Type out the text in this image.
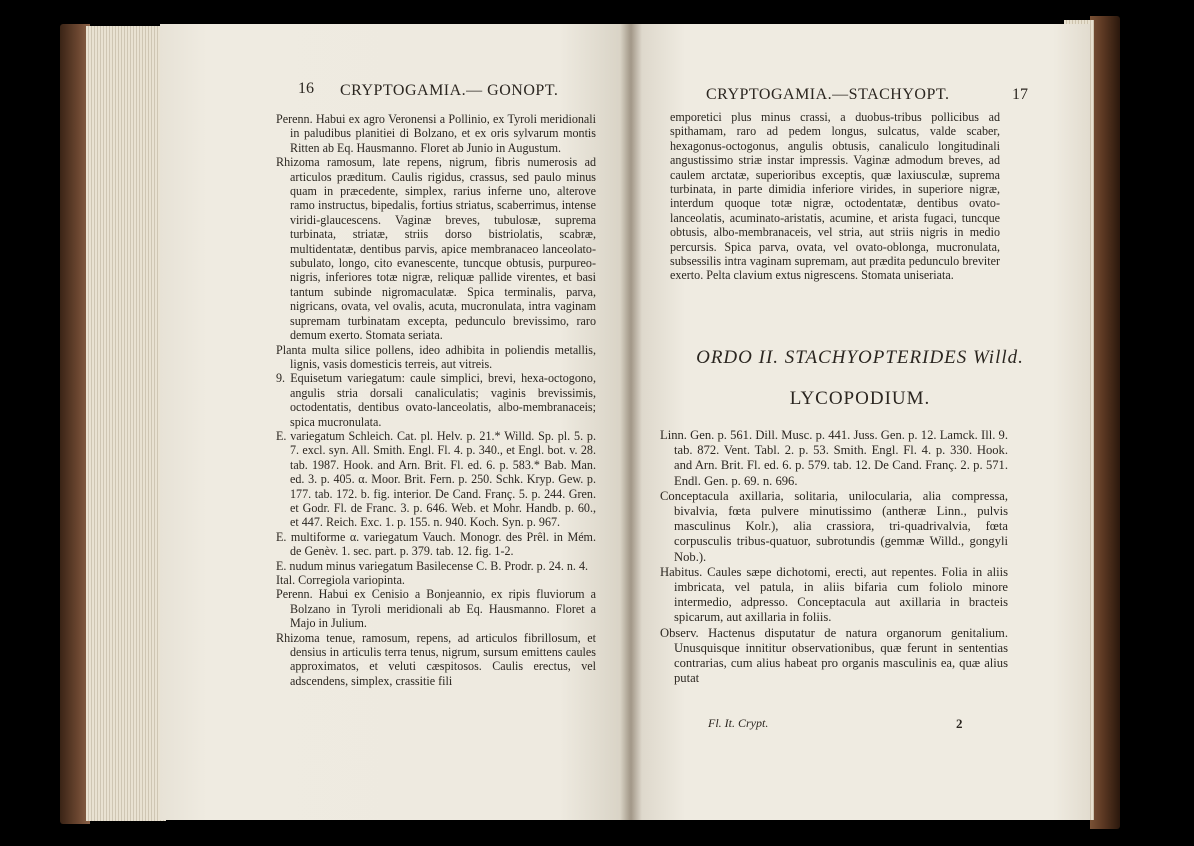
16 CRYPTOGAMIA.— GONOPT.

Perenn. Habui ex agro Veronensi a Pollinio, ex Tyroli meridionali in paludibus planitiei di Bolzano, et ex oris sylvarum montis Ritten ab Eq. Hausmanno. Floret ab Junio in Augustum.

Rhizoma ramosum, late repens, nigrum, fibris numerosis ad articulos præditum. Caulis rigidus, crassus, sed paulo minus quam in præcedente, simplex, rarius inferne uno, alterove ramo instructus, bipedalis, fortius striatus, scaberrimus, intense viridi-glaucescens. Vaginæ breves, tubulosæ, suprema turbinata, striatæ, striis dorso bistriolatis, scabræ, multidentatæ, dentibus parvis, apice membranaceo lanceolato-subulato, longo, cito evanescente, tuncque obtusis, purpureo-nigris, inferiores totæ nigræ, reliquæ pallide virentes, et basi tantum subinde nigromaculatæ. Spica terminalis, parva, nigricans, ovata, vel ovalis, acuta, mucronulata, intra vaginam supremam turbinatam excepta, pedunculo brevissimo, raro demum exerto. Stomata seriata.

Planta multa silice pollens, ideo adhibita in poliendis metallis, lignis, vasis domesticis terreis, aut vitreis.

9. Equisetum variegatum: caule simplici, brevi, hexa-octogono, angulis stria dorsali canaliculatis; vaginis brevissimis, octodentatis, dentibus ovato-lanceolatis, albo-membranaceis; spica mucronulata.

E. variegatum Schleich. Cat. pl. Helv. p. 21.* Willd. Sp. pl. 5. p. 7. excl. syn. All. Smith. Engl. Fl. 4. p. 340., et Engl. bot. v. 28. tab. 1987. Hook. and Arn. Brit. Fl. ed. 6. p. 583.* Bab. Man. ed. 3. p. 405. α. Moor. Brit. Fern. p. 250. Schk. Kryp. Gew. p. 177. tab. 172. b. fig. interior. De Cand. Franç. 5. p. 244. Gren. et Godr. Fl. de Franc. 3. p. 646. Web. et Mohr. Handb. p. 60., et 447. Reich. Exc. 1. p. 155. n. 940. Koch. Syn. p. 967.

E. multiforme α. variegatum Vauch. Monogr. des Prêl. in Mém. de Genèv. 1. sec. part. p. 379. tab. 12. fig. 1-2.

E. nudum minus variegatum Basilecense C. B. Prodr. p. 24. n. 4.

Ital. Corregiola variopinta.

Perenn. Habui ex Cenisio a Bonjeannio, ex ripis fluviorum a Bolzano in Tyroli meridionali ab Eq. Hausmanno. Floret a Majo in Julium.

Rhizoma tenue, ramosum, repens, ad articulos fibrillosum, et densius in articulis terra tenus, nigrum, sursum emittens caules approximatos, et veluti cæspitosos. Caulis erectus, vel adscendens, simplex, crassitie fili

CRYPTOGAMIA.—STACHYOPT.	17
emporetici plus minus crassi, a duobus-tribus pollicibus ad spithamam, raro ad pedem longus, sulcatus, valde scaber, hexagonus-octogonus, angulis obtusis, canaliculo longitudinali angustissimo striæ instar impressis. Vaginæ admodum breves, ad caulem arctatæ, superioribus exceptis, quæ laxiusculæ, suprema turbinata, in parte dimidia inferiore virides, in superiore nigræ, interdum quoque totæ nigræ, octodentatæ, dentibus ovato-lanceolatis, acuminato-aristatis, acumine, et arista fugaci, tuncque obtusis, albo-membranaceis, vel stria, aut striis nigris in medio percursis. Spica parva, ovata, vel ovato-oblonga, mucronulata, subsessilis intra vaginam supremam, aut prædita pedunculo breviter exerto. Pelta clavium extus nigrescens. Stomata uniseriata.
ORDO II. STACHYOPTERIDES Willd.
LYCOPODIUM.

Linn. Gen. p. 561. Dill. Musc. p. 441. Juss. Gen. p. 12. Lamck. Ill. 9. tab. 872. Vent. Tabl. 2. p. 53. Smith. Engl. Fl. 4. p. 330. Hook. and Arn. Brit. Fl. ed. 6. p. 579. tab. 12. De Cand. Franç. 2. p. 571. Endl. Gen. p. 69. n. 696.

Conceptacula axillaria, solitaria, unilocularia, alia compressa, bivalvia, fœta pulvere minutissimo (antheræ Linn., pulvis masculinus Kolr.), alia crassiora, tri-quadrivalvia, fœta corpusculis tribus-quatuor, subrotundis (gemmæ Willd., gongyli Nob.).

Habitus. Caules sæpe dichotomi, erecti, aut repentes. Folia in aliis imbricata, vel patula, in aliis bifaria cum foliolo minore intermedio, adpresso. Conceptacula aut axillaria in bracteis spicarum, aut axillaria in foliis.

Observ. Hactenus disputatur de natura organorum genitalium. Unusquisque innititur observationibus, quæ ferunt in sententias contrarias, cum alius habeat pro organis masculinis ea, quæ alius putat

Fl. It. Crypt.	2
